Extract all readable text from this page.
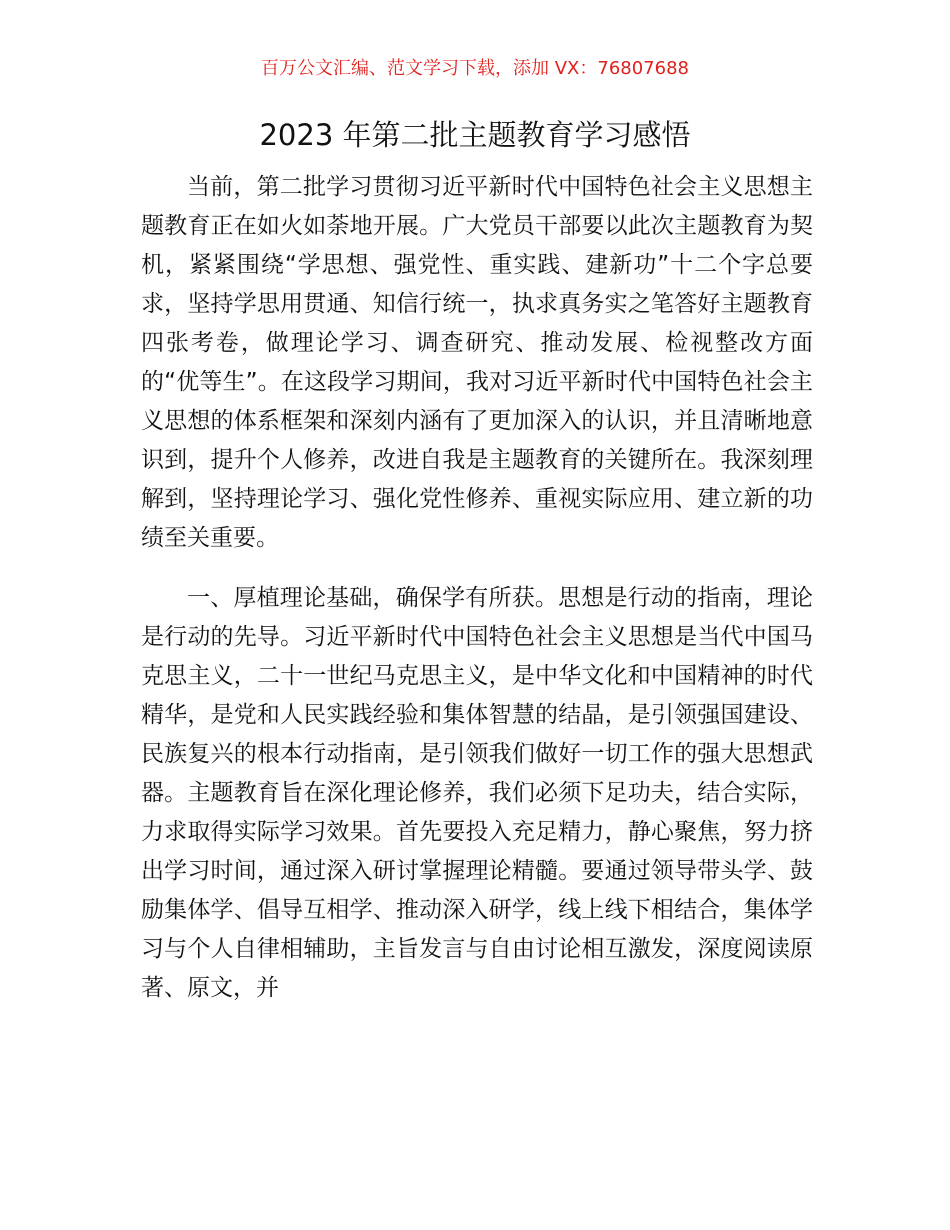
百万公文汇编、范文学习下载，添加 VX：76807688
2023 年第二批主题教育学习感悟

当前，第二批学习贯彻习近平新时代中国特色社会主义思想主题教育正在如火如荼地开展。广大党员干部要以此次主题教育为契机，紧紧围绕“学思想、强党性、重实践、建新功”十二个字总要求，坚持学思用贯通、知信行统一，执求真务实之笔答好主题教育四张考卷，做理论学习、调查研究、推动发展、检视整改方面的“优等生”。在这段学习期间，我对习近平新时代中国特色社会主义思想的体系框架和深刻内涵有了更加深入的认识，并且清晰地意识到，提升个人修养，改进自我是主题教育的关键所在。我深刻理解到，坚持理论学习、强化党性修养、重视实际应用、建立新的功绩至关重要。

一、厚植理论基础，确保学有所获。思想是行动的指南，理论是行动的先导。习近平新时代中国特色社会主义思想是当代中国马克思主义，二十一世纪马克思主义，是中华文化和中国精神的时代精华，是党和人民实践经验和集体智慧的结晶，是引领强国建设、民族复兴的根本行动指南，是引领我们做好一切工作的强大思想武器。主题教育旨在深化理论修养，我们必须下足功夫，结合实际，力求取得实际学习效果。首先要投入充足精力，静心聚焦，努力挤出学习时间，通过深入研讨掌握理论精髓。要通过领导带头学、鼓励集体学、倡导互相学、推动深入研学，线上线下相结合，集体学习与个人自律相辅助，主旨发言与自由讨论相互激发，深度阅读原著、原文，并
